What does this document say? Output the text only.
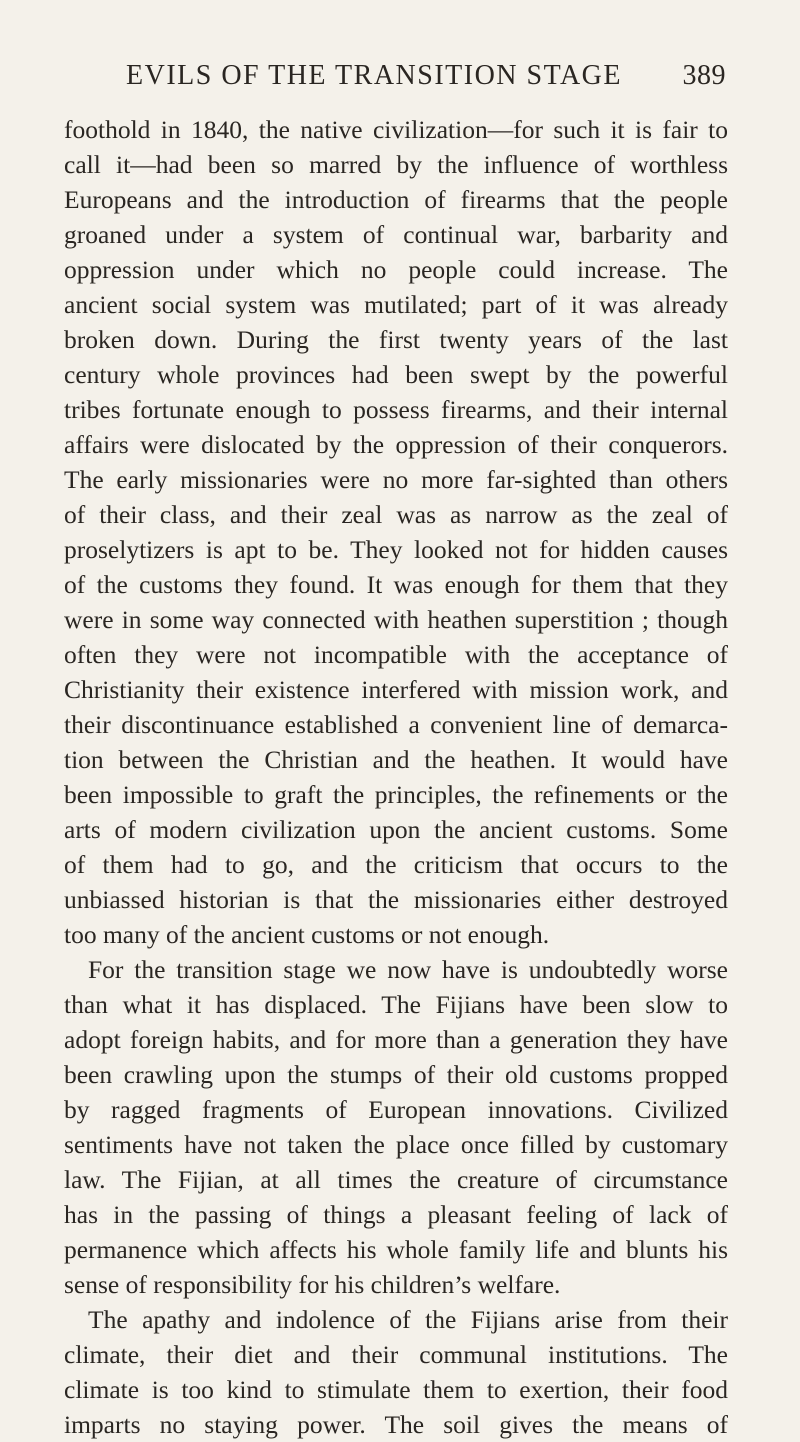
EVILS OF THE TRANSITION STAGE 389
foothold in 1840, the native civilization—for such it is fair to
call it—had been so marred by the influence of worthless
Europeans and the introduction of firearms that the people
groaned under a system of continual war, barbarity and
oppression under which no people could increase. The
ancient social system was mutilated; part of it was already
broken down. During the first twenty years of the last
century whole provinces had been swept by the powerful
tribes fortunate enough to possess firearms, and their internal
affairs were dislocated by the oppression of their conquerors.
The early missionaries were no more far-sighted than others
of their class, and their zeal was as narrow as the zeal of
proselytizers is apt to be. They looked not for hidden causes
of the customs they found. It was enough for them that they
were in some way connected with heathen superstition ; though
often they were not incompatible with the acceptance of
Christianity their existence interfered with mission work, and
their discontinuance established a convenient line of demarca-
tion between the Christian and the heathen. It would have
been impossible to graft the principles, the refinements or the
arts of modern civilization upon the ancient customs. Some
of them had to go, and the criticism that occurs to the
unbiassed historian is that the missionaries either destroyed
too many of the ancient customs or not enough.
For the transition stage we now have is undoubtedly worse
than what it has displaced. The Fijians have been slow to
adopt foreign habits, and for more than a generation they have
been crawling upon the stumps of their old customs propped
by ragged fragments of European innovations. Civilized
sentiments have not taken the place once filled by customary
law. The Fijian, at all times the creature of circumstance
has in the passing of things a pleasant feeling of lack of
permanence which affects his whole family life and blunts his
sense of responsibility for his children’s welfare.
The apathy and indolence of the Fijians arise from their
climate, their diet and their communal institutions. The
climate is too kind to stimulate them to exertion, their food
imparts no staying power. The soil gives the means of
